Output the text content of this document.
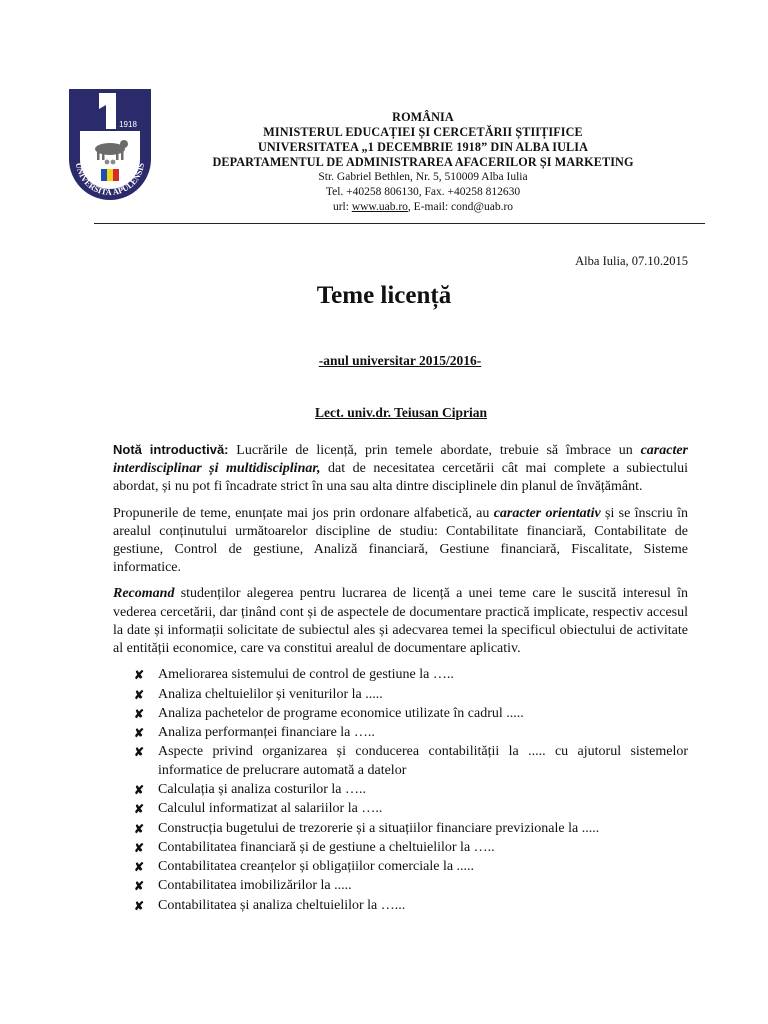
1918
UNIVERSITA APULENSIS
ROMÂNIA
MINISTERUL EDUCAȚIEI ȘI CERCETĂRII ȘTIIȚIFICE
UNIVERSITATEA „1 DECEMBRIE 1918” DIN ALBA IULIA
DEPARTAMENTUL DE ADMINISTRAREA AFACERILOR ȘI MARKETING
Str. Gabriel Bethlen, Nr. 5, 510009 Alba Iulia
Tel. +40258 806130, Fax. +40258 812630
url: www.uab.ro, E-mail: cond@uab.ro
Alba Iulia, 07.10.2015
Teme licență
-anul universitar 2015/2016-
Lect. univ.dr. Teiusan Ciprian

Notă introductivă: Lucrările de licență, prin temele abordate, trebuie să îmbrace un caracter interdisciplinar și multidisciplinar, dat de necesitatea cercetării cât mai complete a subiectului abordat, și nu pot fi încadrate strict în una sau alta dintre disciplinele din planul de învățământ.

Propunerile de teme, enunțate mai jos prin ordonare alfabetică, au caracter orientativ și se înscriu în arealul conținutului următoarelor discipline de studiu: Contabilitate financiară, Contabilitate de gestiune, Control de gestiune, Analiză financiară, Gestiune financiară, Fiscalitate, Sisteme informatice.

Recomand studenților alegerea pentru lucrarea de licență a unei teme care le suscită interesul în vederea cercetării, dar ținând cont și de aspectele de documentare practică implicate, respectiv accesul la date și informații solicitate de subiectul ales și adecvarea temei la specificul obiectului de activitate al entității economice, care va constitui arealul de documentare aplicativ.

✘ Ameliorarea sistemului de control de gestiune la …..
✘ Analiza cheltuielilor și veniturilor la .....
✘ Analiza pachetelor de programe economice utilizate în cadrul .....
✘ Analiza performanței financiare la …..
✘ Aspecte privind organizarea și conducerea contabilității la ..... cu ajutorul sistemelor informatice de prelucrare automată a datelor
✘ Calculația și analiza costurilor la …..
✘ Calculul informatizat al salariilor la …..
✘ Construcția bugetului de trezorerie și a situațiilor financiare previzionale la .....
✘ Contabilitatea financiară și de gestiune a cheltuielilor la …..
✘ Contabilitatea creanțelor și obligațiilor comerciale la .....
✘ Contabilitatea imobilizărilor la .....
✘ Contabilitatea și analiza cheltuielilor la …...
